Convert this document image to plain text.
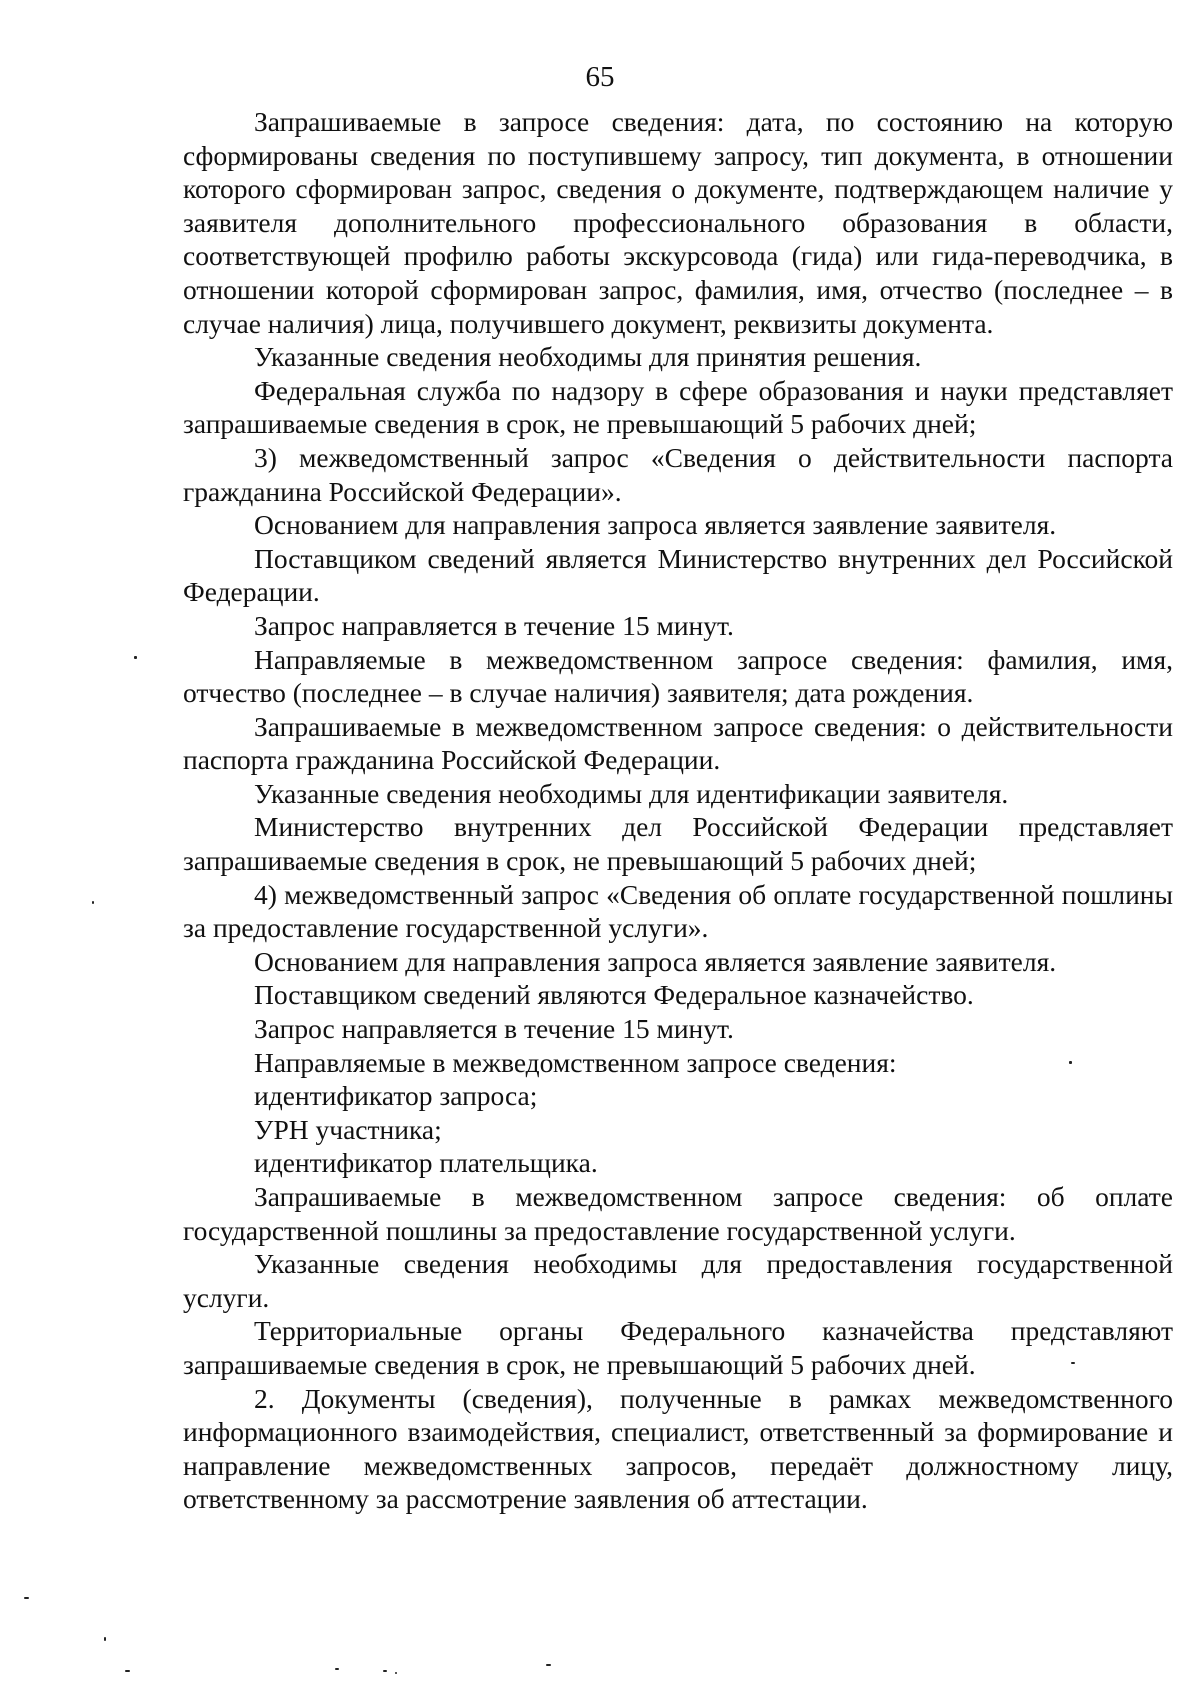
65

Запрашиваемые в запросе сведения: дата, по состоянию на которую сформированы сведения по поступившему запросу, тип документа, в отношении которого сформирован запрос, сведения о документе, подтверждающем наличие у заявителя дополнительного профессионального образования в области, соответствующей профилю работы экскурсовода (гида) или гида-переводчика, в отношении которой сформирован запрос, фамилия, имя, отчество (последнее – в случае наличия) лица, получившего документ, реквизиты документа.

Указанные сведения необходимы для принятия решения.

Федеральная служба по надзору в сфере образования и науки представляет запрашиваемые сведения в срок, не превышающий 5 рабочих дней;

3) межведомственный запрос «Сведения о действительности паспорта гражданина Российской Федерации».

Основанием для направления запроса является заявление заявителя.

Поставщиком сведений является Министерство внутренних дел Российской Федерации.

Запрос направляется в течение 15 минут.

Направляемые в межведомственном запросе сведения: фамилия, имя, отчество (последнее – в случае наличия) заявителя; дата рождения.

Запрашиваемые в межведомственном запросе сведения: о действительности паспорта гражданина Российской Федерации.

Указанные сведения необходимы для идентификации заявителя.

Министерство внутренних дел Российской Федерации представляет запрашиваемые сведения в срок, не превышающий 5 рабочих дней;

4) межведомственный запрос «Сведения об оплате государственной пошлины за предоставление государственной услуги».

Основанием для направления запроса является заявление заявителя.

Поставщиком сведений являются Федеральное казначейство.

Запрос направляется в течение 15 минут.

Направляемые в межведомственном запросе сведения:

идентификатор запроса;

УРН участника;

идентификатор плательщика.

Запрашиваемые в межведомственном запросе сведения: об оплате государственной пошлины за предоставление государственной услуги.

Указанные сведения необходимы для предоставления государственной услуги.

Территориальные органы Федерального казначейства представляют запрашиваемые сведения в срок, не превышающий 5 рабочих дней.

2. Документы (сведения), полученные в рамках межведомственного информационного взаимодействия, специалист, ответственный за формирование и направление межведомственных запросов, передаёт должностному лицу, ответственному за рассмотрение заявления об аттестации.
